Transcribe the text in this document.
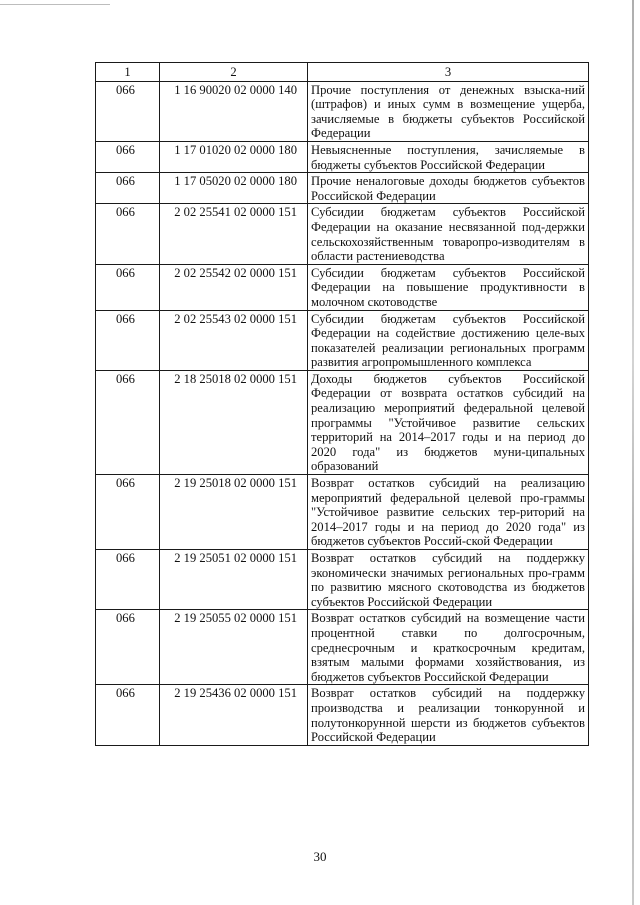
1	2	3
066	1 16 90020 02 0000 140	Прочие поступления от денежных взыска-ний (штрафов) и иных сумм в возмещение ущерба, зачисляемые в бюджеты субъектов Российской Федерации
066	1 17 01020 02 0000 180	Невыясненные поступления, зачисляемые в бюджеты субъектов Российской Федерации
066	1 17 05020 02 0000 180	Прочие неналоговые доходы бюджетов субъектов Российской Федерации
066	2 02 25541 02 0000 151	Субсидии бюджетам субъектов Российской Федерации на оказание несвязанной под-держки сельскохозяйственным товаропро-изводителям в области растениеводства
066	2 02 25542 02 0000 151	Субсидии бюджетам субъектов Российской Федерации на повышение продуктивности в молочном скотоводстве
066	2 02 25543 02 0000 151	Субсидии бюджетам субъектов Российской Федерации на содействие достижению целе-вых показателей реализации региональных программ развития агропромышленного комплекса
066	2 18 25018 02 0000 151	Доходы бюджетов субъектов Российской Федерации от возврата остатков субсидий на реализацию мероприятий федеральной целевой программы "Устойчивое развитие сельских территорий на 2014–2017 годы и на период до 2020 года" из бюджетов муни-ципальных образований
066	2 19 25018 02 0000 151	Возврат остатков субсидий на реализацию мероприятий федеральной целевой про-граммы "Устойчивое развитие сельских тер-риторий на 2014–2017 годы и на период до 2020 года" из бюджетов субъектов Россий-ской Федерации
066	2 19 25051 02 0000 151	Возврат остатков субсидий на поддержку экономически значимых региональных про-грамм по развитию мясного скотоводства из бюджетов субъектов Российской Федерации
066	2 19 25055 02 0000 151	Возврат остатков субсидий на возмещение части процентной ставки по долгосрочным, среднесрочным и краткосрочным кредитам, взятым малыми формами хозяйствования, из бюджетов субъектов Российской Федерации
066	2 19 25436 02 0000 151	Возврат остатков субсидий на поддержку производства и реализации тонкорунной и полутонкорунной шерсти из бюджетов субъектов Российской Федерации
30
